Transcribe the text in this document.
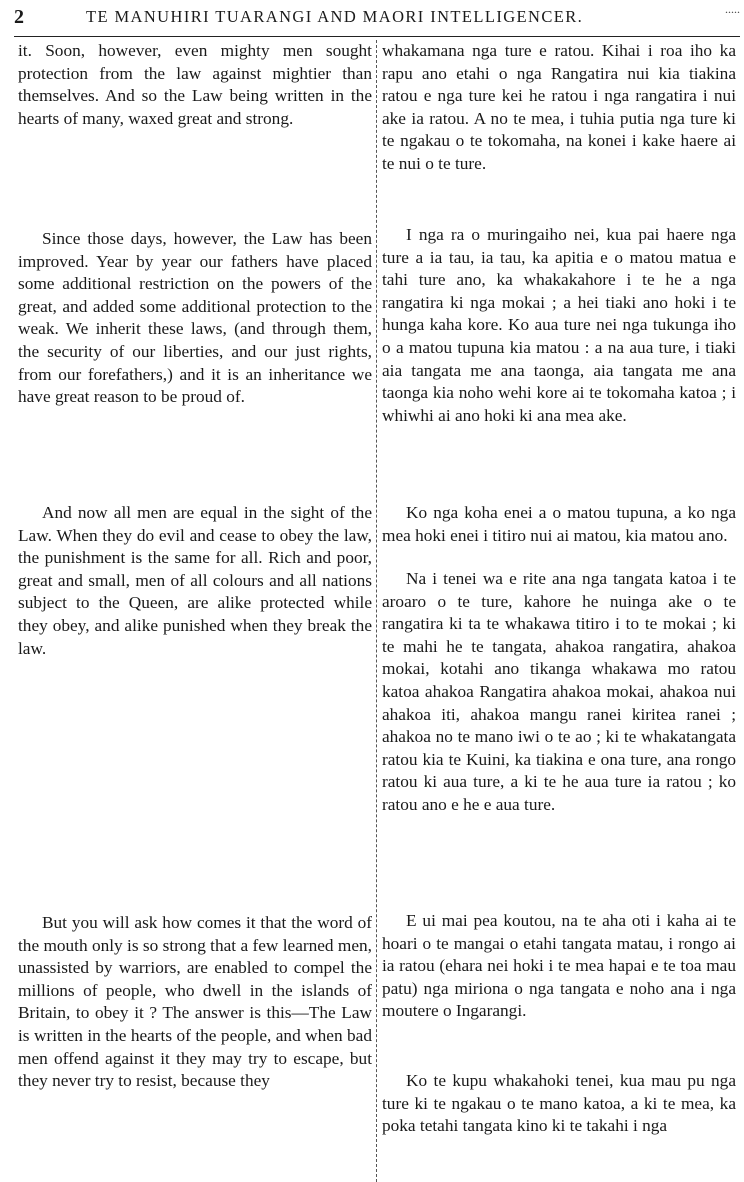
2	TE MANUHIRI TUARANGI AND MAORI INTELLIGENCER.	.....

it. Soon, however, even mighty men sought protection from the law against mightier than themselves. And so the Law being written in the hearts of many, waxed great and strong.

Since those days, however, the Law has been improved. Year by year our fathers have placed some additional restriction on the powers of the great, and added some additional protection to the weak. We inherit these laws, (and through them, the security of our liberties, and our just rights, from our forefathers,) and it is an inheritance we have great reason to be proud of.

And now all men are equal in the sight of the Law. When they do evil and cease to obey the law, the punishment is the same for all. Rich and poor, great and small, men of all colours and all nations subject to the Queen, are alike protected while they obey, and alike punished when they break the law.

But you will ask how comes it that the word of the mouth only is so strong that a few learned men, unassisted by warriors, are enabled to compel the millions of people, who dwell in the islands of Britain, to obey it ? The answer is this—The Law is written in the hearts of the people, and when bad men offend against it they may try to escape, but they never try to resist, because they

whakamana nga ture e ratou. Kihai i roa iho ka rapu ano etahi o nga Rangatira nui kia tiakina ratou e nga ture kei he ratou i nga rangatira i nui ake ia ratou. A no te mea, i tuhia putia nga ture ki te ngakau o te tokomaha, na konei i kake haere ai te nui o te ture.

I nga ra o muringaiho nei, kua pai haere nga ture a ia tau, ia tau, ka apitia e o matou matua e tahi ture ano, ka whakakahore i te he a nga rangatira ki nga mokai ; a hei tiaki ano hoki i te hunga kaha kore. Ko aua ture nei nga tukunga iho o a matou tupuna kia matou : a na aua ture, i tiaki aia tangata me ana taonga, aia tangata me ana taonga kia noho wehi kore ai te tokomaha katoa ; i whiwhi ai ano hoki ki ana mea ake.

Ko nga koha enei a o matou tupuna, a ko nga mea hoki enei i titiro nui ai matou, kia matou ano.

Na i tenei wa e rite ana nga tangata katoa i te aroaro o te ture, kahore he nuinga ake o te rangatira ki ta te whakawa titiro i to te mokai ; ki te mahi he te tangata, ahakoa rangatira, ahakoa mokai, kotahi ano tikanga whakawa mo ratou katoa ahakoa Rangatira ahakoa mokai, ahakoa nui ahakoa iti, ahakoa mangu ranei kiritea ranei ; ahakoa no te mano iwi o te ao ; ki te whakatangata ratou kia te Kuini, ka tiakina e ona ture, ana rongo ratou ki aua ture, a ki te he aua ture ia ratou ; ko ratou ano e he e aua ture.

E ui mai pea koutou, na te aha oti i kaha ai te hoari o te mangai o etahi tangata matau, i rongo ai ia ratou (ehara nei hoki i te mea hapai e te toa mau patu) nga miriona o nga tangata e noho ana i nga moutere o Ingarangi.

Ko te kupu whakahoki tenei, kua mau pu nga ture ki te ngakau o te mano katoa, a ki te mea, ka poka tetahi tangata kino ki te takahi i nga
